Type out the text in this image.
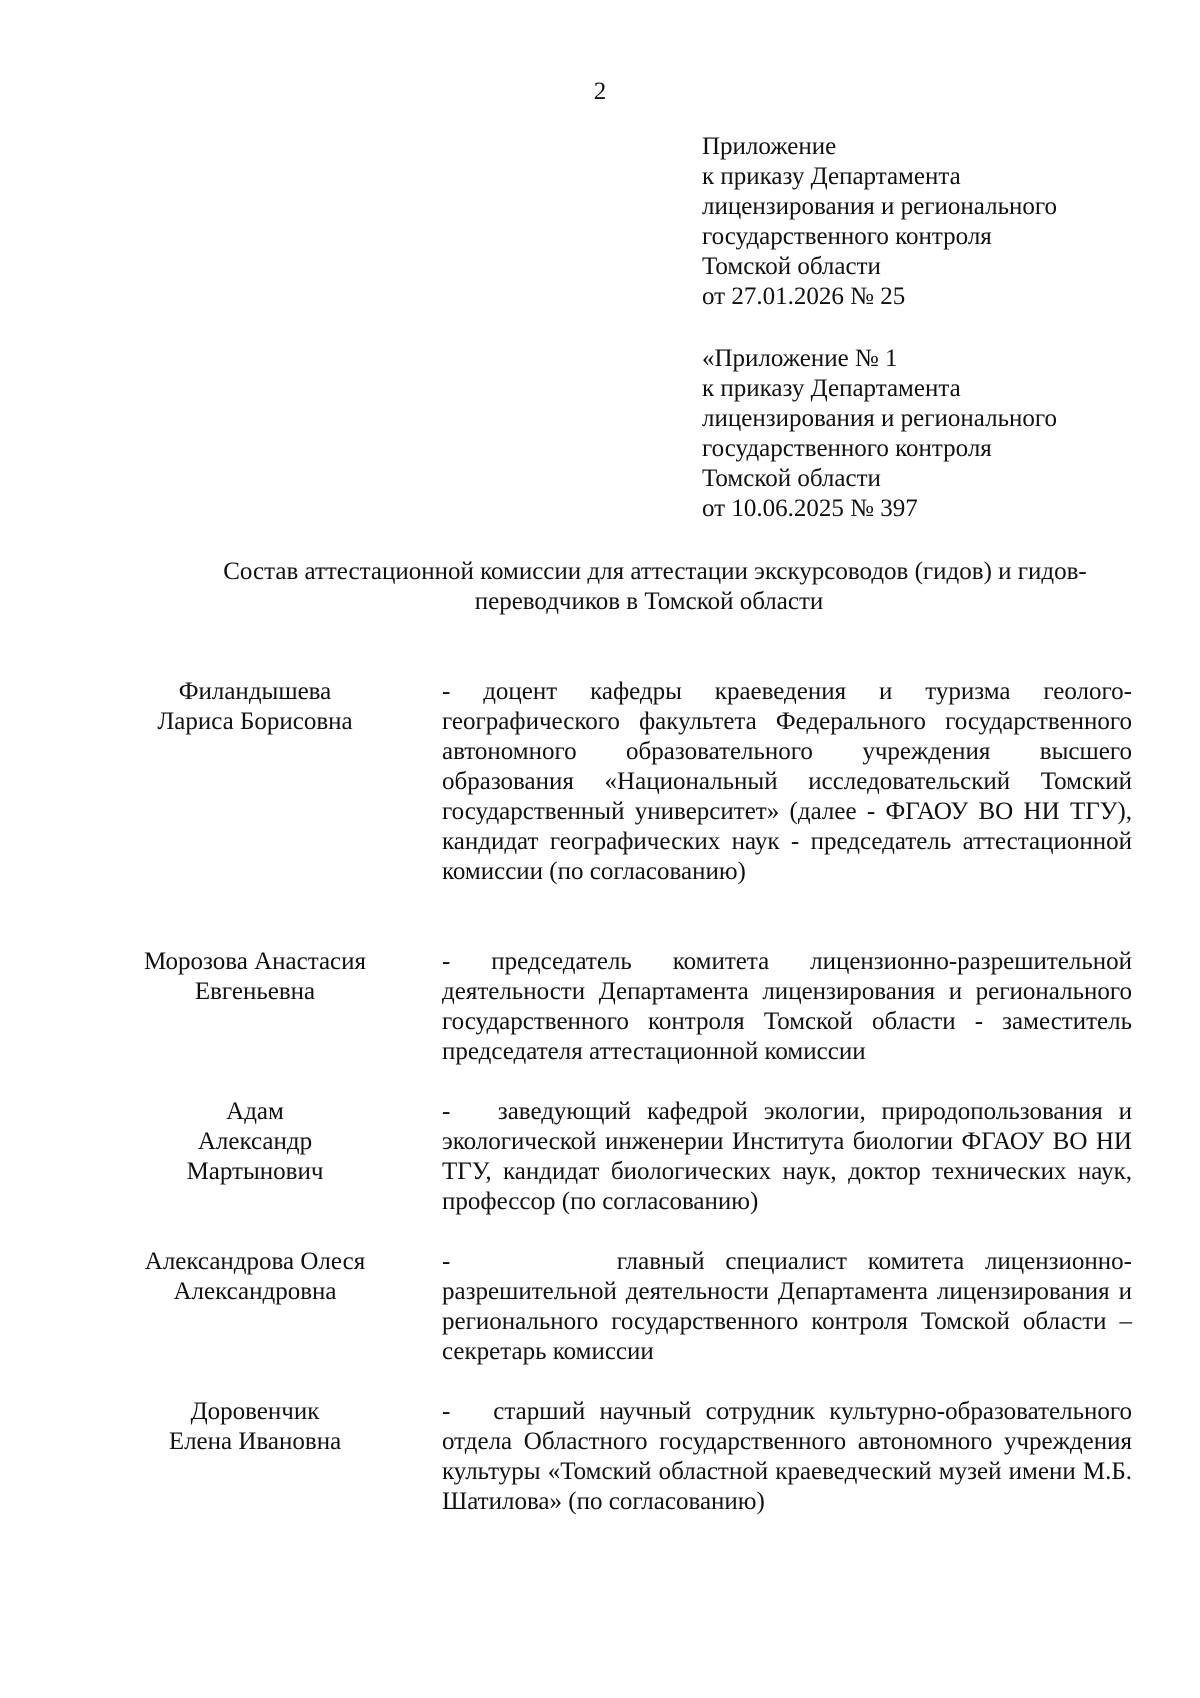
2
Приложение
к приказу Департамента
лицензирования и регионального
государственного контроля
Томской области
от 27.01.2026 № 25
«Приложение № 1
к приказу Департамента
лицензирования и регионального
государственного контроля
Томской области
от 10.06.2025 № 397
Состав аттестационной комиссии для аттестации экскурсоводов (гидов) и гидов-
переводчиков в Томской области
Филандышева
Лариса Борисовна
- доцент кафедры краеведения и туризма геолого-географического факультета Федерального государственного автономного образовательного учреждения высшего образования «Национальный исследовательский Томский государственный университет» (далее - ФГАОУ ВО НИ ТГУ), кандидат географических наук - председатель аттестационной комиссии (по согласованию)
Морозова Анастасия
Евгеньевна
- председатель комитета лицензионно-разрешительной деятельности Департамента лицензирования и регионального государственного контроля Томской области - заместитель председателя аттестационной комиссии
Адам
Александр
Мартынович
-   заведующий кафедрой экологии, природопользования и экологической инженерии Института биологии ФГАОУ ВО НИ ТГУ, кандидат биологических наук, доктор технических наук, профессор (по согласованию)
Александрова Олеся
Александровна
-        главный специалист комитета лицензионно-разрешительной деятельности Департамента лицензирования и регионального государственного контроля Томской области – секретарь комиссии
Доровенчик
Елена Ивановна
-   старший научный сотрудник культурно-образовательного отдела Областного государственного автономного учреждения культуры «Томский областной краеведческий музей имени М.Б. Шатилова» (по согласованию)
